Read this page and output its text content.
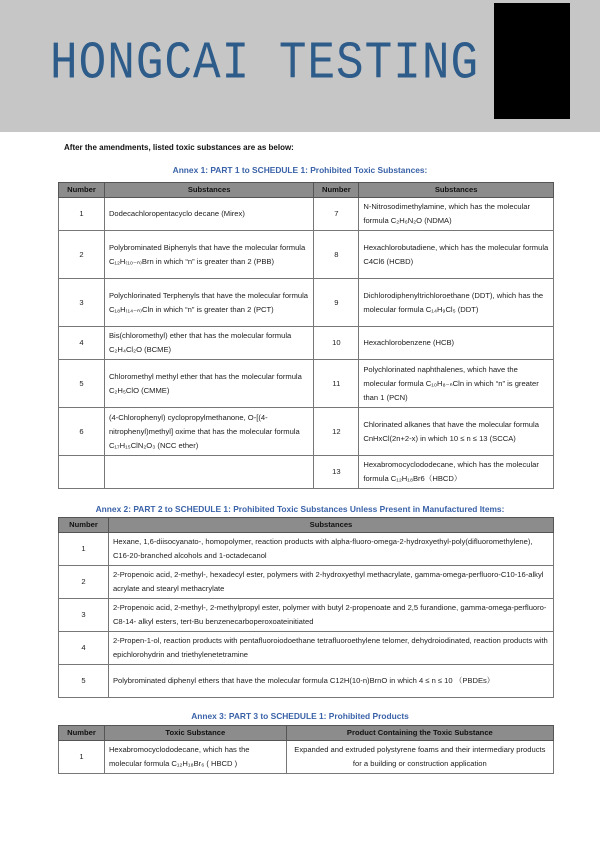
HONGCAI TESTING
After the amendments, listed toxic substances are as below:
Annex 1: PART 1 to SCHEDULE 1: Prohibited Toxic Substances:
Number	Substances	Number	Substances
1	Dodecachloropentacyclo decane (Mirex)	7	N-Nitrosodimethylamine, which has the molecular formula C₂H₆N₂O (NDMA)
2	Polybrominated Biphenyls that have the molecular formula C₁₂H₍₁₀₋ₙ₎Brn in which “n” is greater than 2 (PBB)	8	Hexachlorobutadiene, which has the molecular formula C4Cl6 (HCBD)
3	Polychlorinated Terphenyls that have the molecular formula C₁₈H₍₁₄₋ₙ₎Cln in which “n” is greater than 2 (PCT)	9	Dichlorodiphenyltrichloroethane (DDT), which has the molecular formula C₁₄H₉Cl₅ (DDT)
4	Bis(chloromethyl) ether that has the molecular formula C₂H₄Cl₂O (BCME)	10	Hexachlorobenzene (HCB)
5	Chloromethyl methyl ether that has the molecular formula C₂H₅ClO (CMME)	11	Polychlorinated naphthalenes, which have the molecular formula C₁₀H₈₋ₙCln in which “n” is greater than 1 (PCN)
6	(4-Chlorophenyl) cyclopropylmethanone, O-[(4-nitrophenyl)methyl] oxime that has the molecular formula C₁₇H₁₅ClN₂O₃ (NCC ether)	12	Chlorinated alkanes that have the molecular formula CnHxCl(2n+2-x) in which 10 ≤ n ≤ 13 (SCCA)
		13	Hexabromocyclododecane, which has the molecular formula C₁₂H₁₈Br6（HBCD）
Annex 2: PART 2 to SCHEDULE 1: Prohibited Toxic Substances Unless Present in Manufactured Items:
Number	Substances
1	Hexane, 1,6-diisocyanato-, homopolymer, reaction products with alpha-fluoro-omega-2-hydroxyethyl-poly(difluoromethylene), C16-20-branched alcohols and 1-octadecanol
2	2-Propenoic acid, 2-methyl-, hexadecyl ester, polymers with 2-hydroxyethyl methacrylate, gamma-omega-perfluoro-C10-16-alkyl acrylate and stearyl methacrylate
3	2-Propenoic acid, 2-methyl-, 2-methylpropyl ester, polymer with butyl 2-propenoate and 2,5 furandione, gamma-omega-perfluoro-C8-14- alkyl esters, tert-Bu benzenecarboperoxoateinitiated
4	2-Propen-1-ol, reaction products with pentafluoroiodoethane tetrafluoroethylene telomer, dehydroiodinated, reaction products with epichlorohydrin and triethylenetetramine
5	Polybrominated diphenyl ethers that have the molecular formula C12H(10-n)BrnO in which 4 ≤ n ≤ 10 （PBDEs）
Annex 3: PART 3 to SCHEDULE 1: Prohibited Products
Number	Toxic Substance	Product Containing the Toxic Substance
1	Hexabromocyclododecane, which has the molecular formula C₁₂H₁₈Br₆ ( HBCD )	Expanded and extruded polystyrene foams and their intermediary products for a building or construction application
